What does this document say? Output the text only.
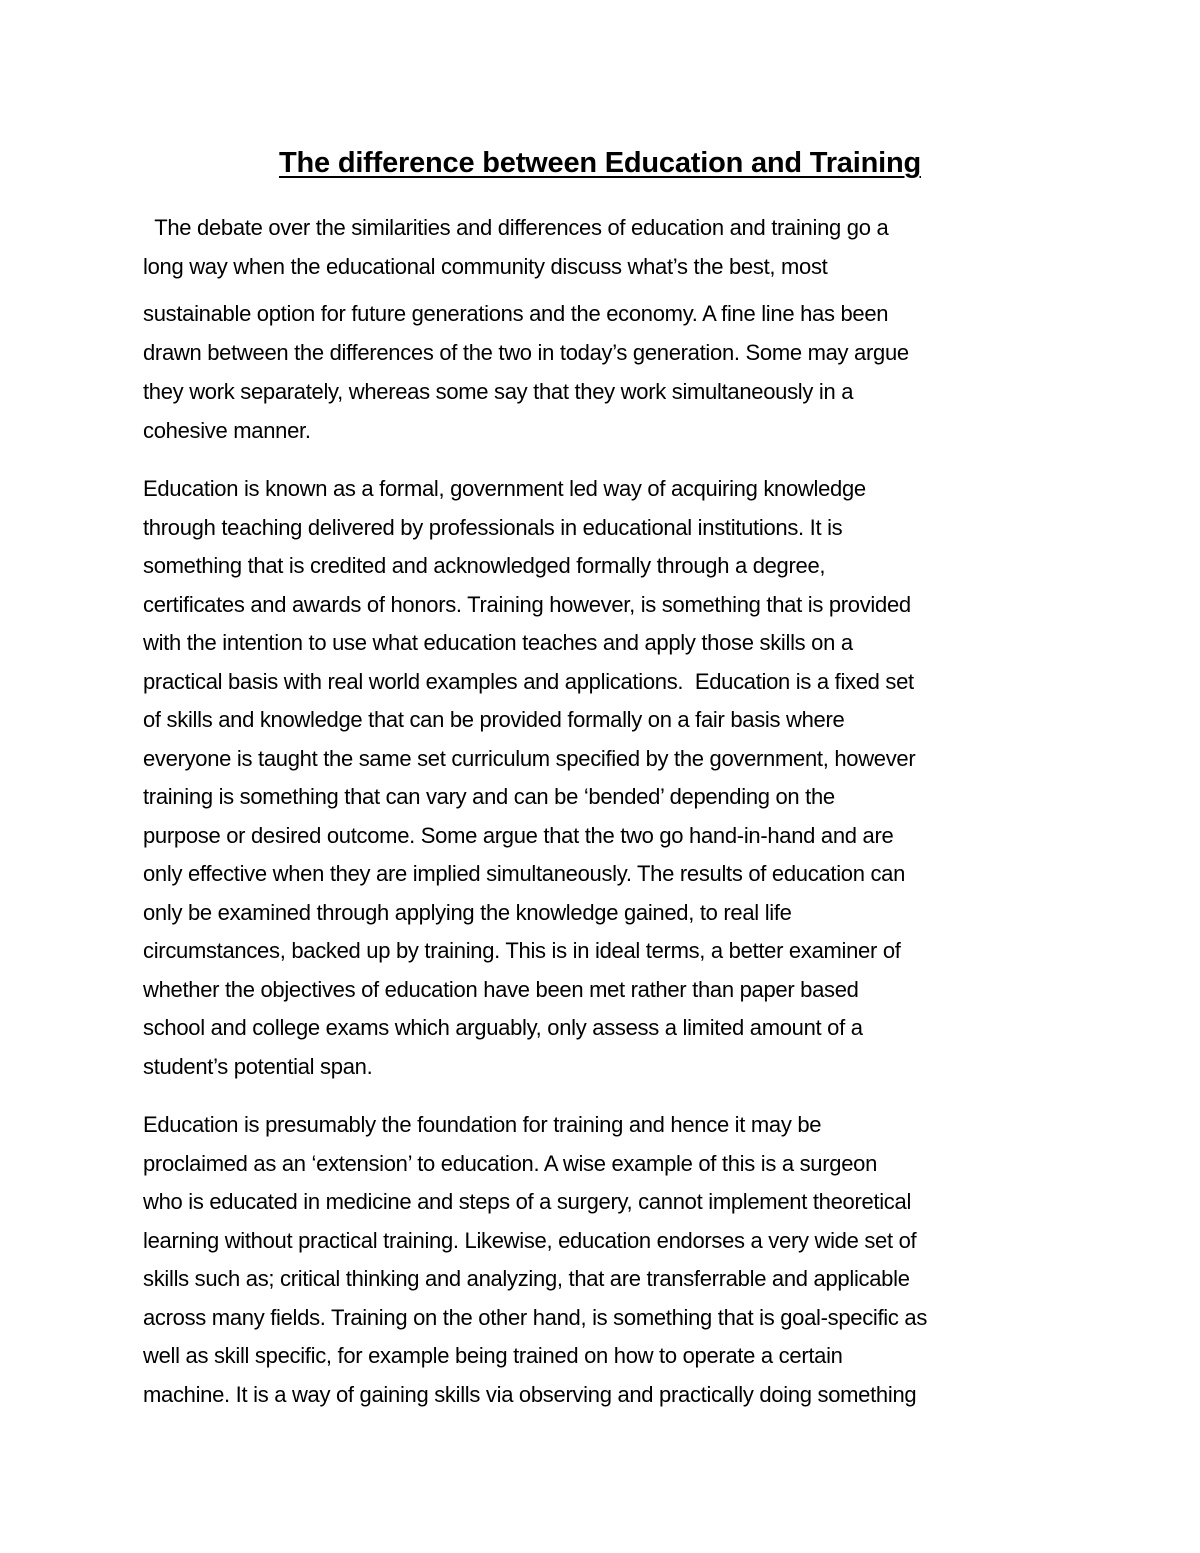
The difference between Education and Training
The debate over the similarities and differences of education and training go a
long way when the educational community discuss what’s the best, most
sustainable option for future generations and the economy. A fine line has been
drawn between the differences of the two in today’s generation. Some may argue
they work separately, whereas some say that they work simultaneously in a
cohesive manner.
Education is known as a formal, government led way of acquiring knowledge
through teaching delivered by professionals in educational institutions. It is
something that is credited and acknowledged formally through a degree,
certificates and awards of honors. Training however, is something that is provided
with the intention to use what education teaches and apply those skills on a
practical basis with real world examples and applications.  Education is a fixed set
of skills and knowledge that can be provided formally on a fair basis where
everyone is taught the same set curriculum specified by the government, however
training is something that can vary and can be ‘bended’ depending on the
purpose or desired outcome. Some argue that the two go hand-in-hand and are
only effective when they are implied simultaneously. The results of education can
only be examined through applying the knowledge gained, to real life
circumstances, backed up by training. This is in ideal terms, a better examiner of
whether the objectives of education have been met rather than paper based
school and college exams which arguably, only assess a limited amount of a
student’s potential span.
Education is presumably the foundation for training and hence it may be
proclaimed as an ‘extension’ to education. A wise example of this is a surgeon
who is educated in medicine and steps of a surgery, cannot implement theoretical
learning without practical training. Likewise, education endorses a very wide set of
skills such as; critical thinking and analyzing, that are transferrable and applicable
across many fields. Training on the other hand, is something that is goal-specific as
well as skill specific, for example being trained on how to operate a certain
machine. It is a way of gaining skills via observing and practically doing something
